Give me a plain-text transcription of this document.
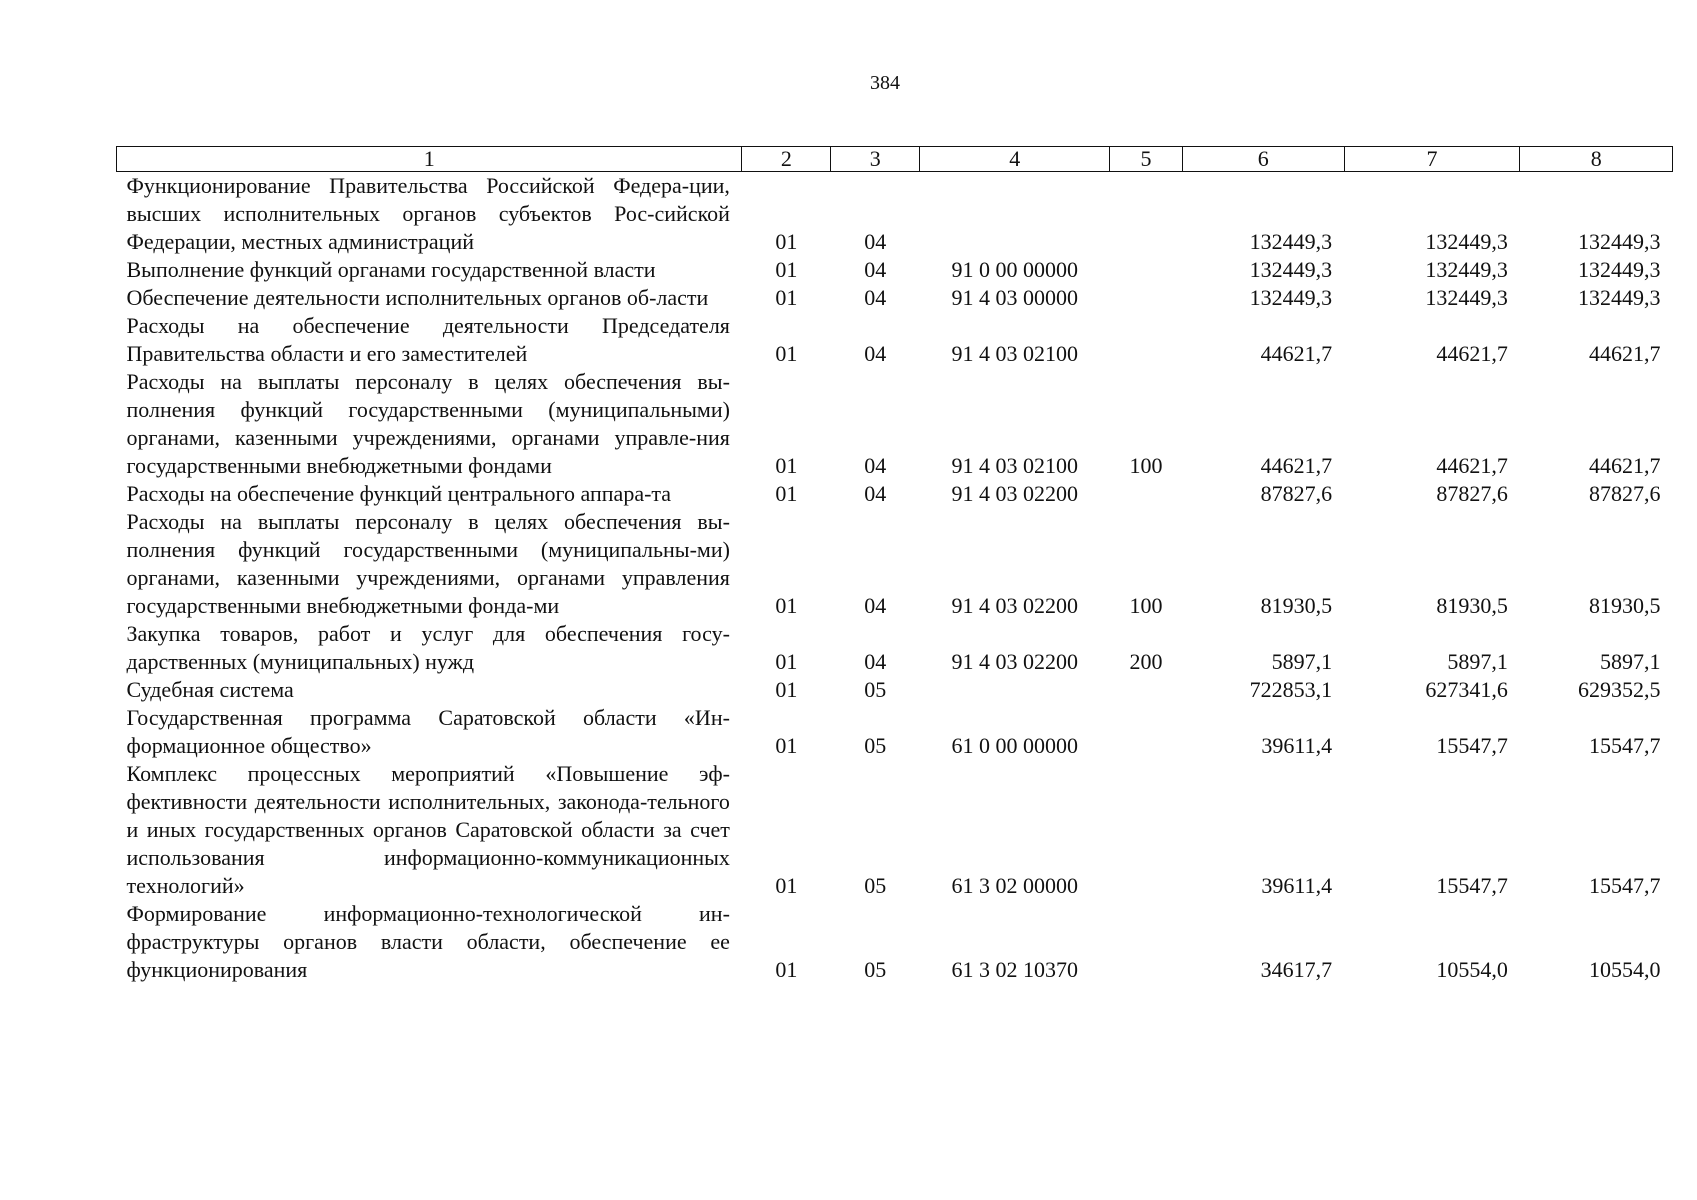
384
1	2	3	4	5	6	7	8
Функционирование Правительства Российской Федера-ции, высших исполнительных органов субъектов Рос-сийской Федерации, местных администраций	01	04			132449,3	132449,3	132449,3
Выполнение функций органами государственной власти	01	04	91 0 00 00000		132449,3	132449,3	132449,3
Обеспечение деятельности исполнительных органов об-ласти	01	04	91 4 03 00000		132449,3	132449,3	132449,3
Расходы на обеспечение деятельности Председателя Правительства области и его заместителей	01	04	91 4 03 02100		44621,7	44621,7	44621,7
Расходы на выплаты персоналу в целях обеспечения вы-полнения функций государственными (муниципальными) органами, казенными учреждениями, органами управле-ния государственными внебюджетными фондами	01	04	91 4 03 02100	100	44621,7	44621,7	44621,7
Расходы на обеспечение функций центрального аппара-та	01	04	91 4 03 02200		87827,6	87827,6	87827,6
Расходы на выплаты персоналу в целях обеспечения вы-полнения функций государственными (муниципальны-ми) органами, казенными учреждениями, органами управления государственными внебюджетными фонда-ми	01	04	91 4 03 02200	100	81930,5	81930,5	81930,5
Закупка товаров, работ и услуг для обеспечения госу-дарственных (муниципальных) нужд	01	04	91 4 03 02200	200	5897,1	5897,1	5897,1
Судебная система	01	05			722853,1	627341,6	629352,5
Государственная программа Саратовской области «Ин-формационное общество»	01	05	61 0 00 00000		39611,4	15547,7	15547,7
Комплекс процессных мероприятий «Повышение эф-фективности деятельности исполнительных, законода-тельного и иных государственных органов Саратовской области за счет использования информационно-коммуникационных технологий»	01	05	61 3 02 00000		39611,4	15547,7	15547,7
Формирование информационно-технологической ин-фраструктуры органов власти области, обеспечение ее функционирования	01	05	61 3 02 10370		34617,7	10554,0	10554,0
